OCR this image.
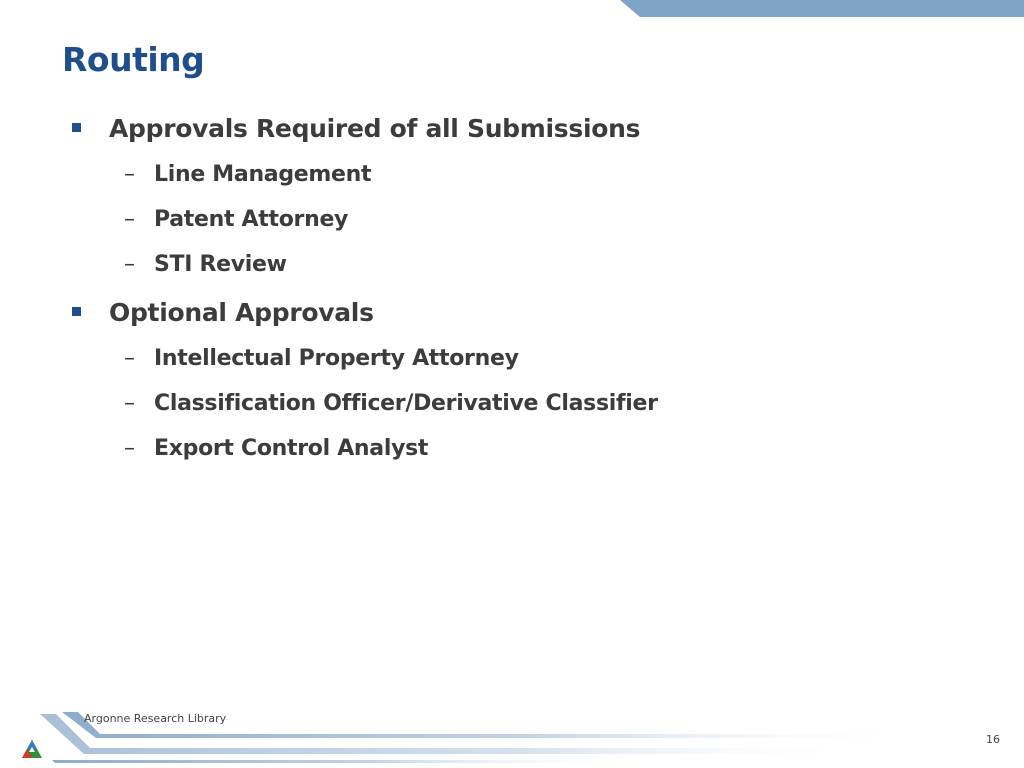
Routing
Approvals Required of all Submissions
– Line Management
– Patent Attorney
– STI Review
Optional Approvals
– Intellectual Property Attorney
– Classification Officer/Derivative Classifier
– Export Control Analyst
Argonne Research Library
16
